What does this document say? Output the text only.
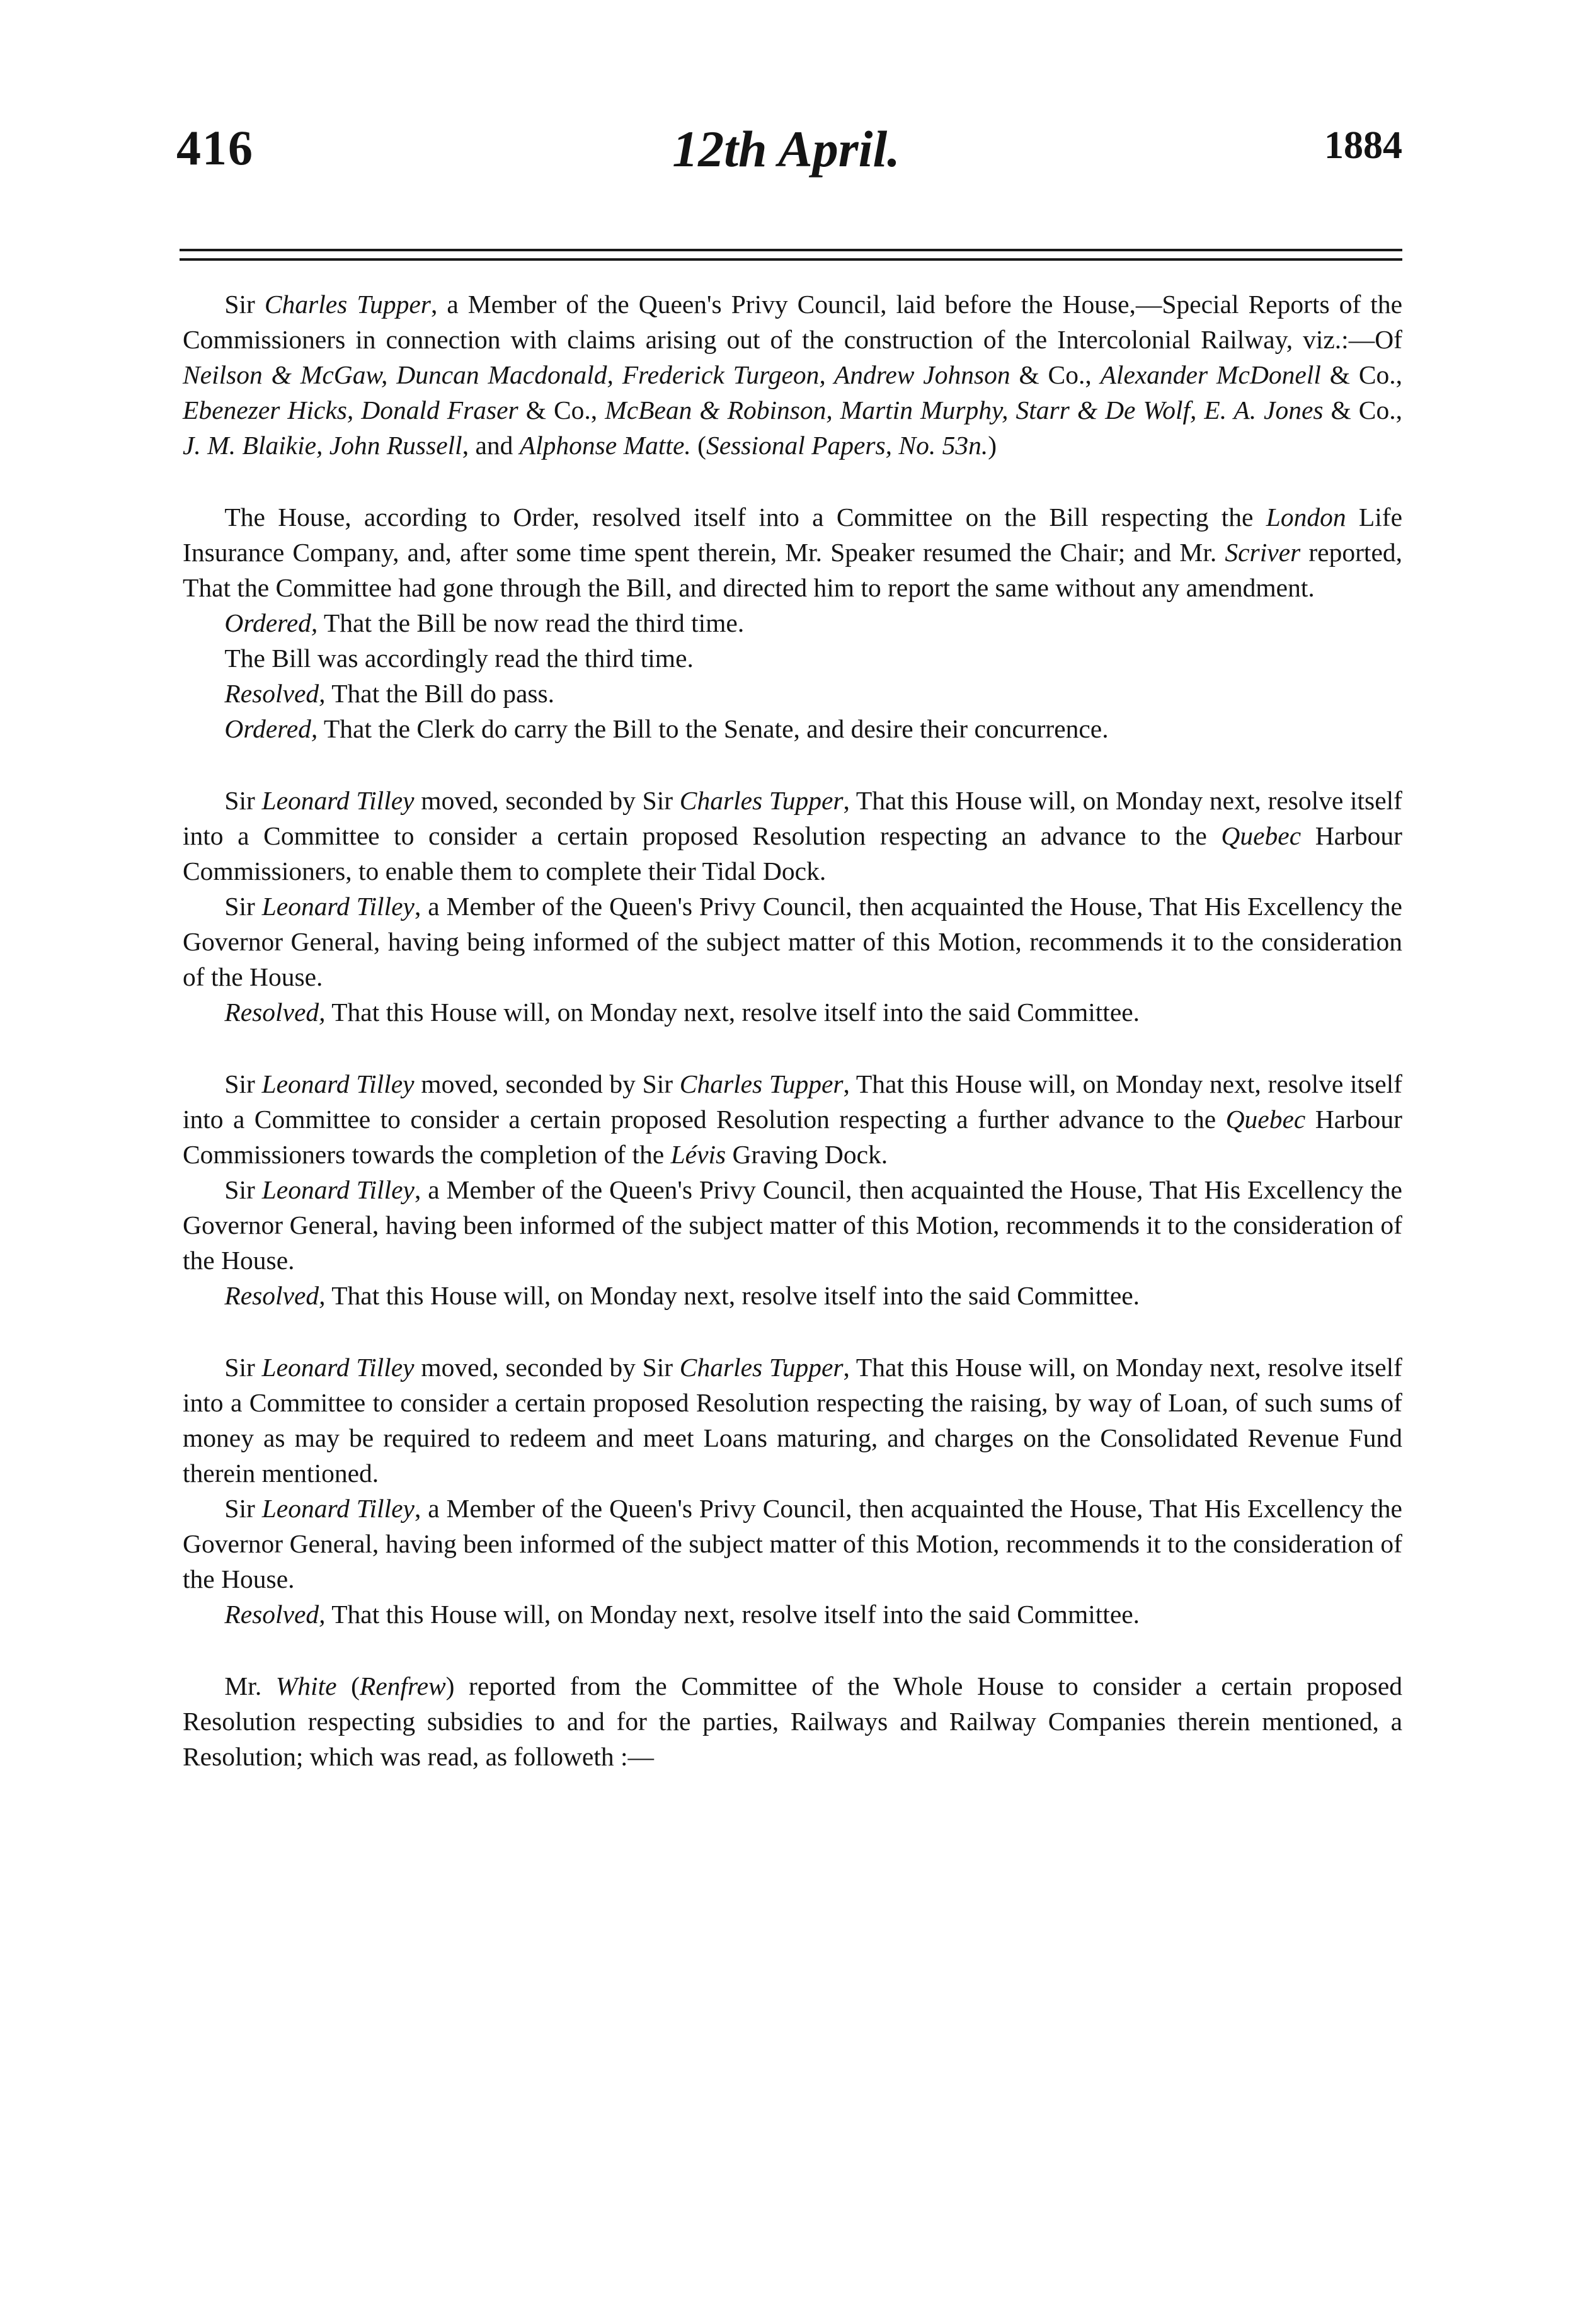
416	12th April.	1884

Sir Charles Tupper, a Member of the Queen's Privy Council, laid before the House,—Special Reports of the Commissioners in connection with claims arising out of the construction of the Intercolonial Railway, viz.:—Of Neilson & McGaw, Duncan Macdonald, Frederick Turgeon, Andrew Johnson & Co., Alexander McDonell & Co., Ebenezer Hicks, Donald Fraser & Co., McBean & Robinson, Martin Murphy, Starr & De Wolf, E. A. Jones & Co., J. M. Blaikie, John Russell, and Alphonse Matte. (Sessional Papers, No. 53n.)

The House, according to Order, resolved itself into a Committee on the Bill respecting the London Life Insurance Company, and, after some time spent therein, Mr. Speaker resumed the Chair; and Mr. Scriver reported, That the Committee had gone through the Bill, and directed him to report the same without any amendment.

Ordered, That the Bill be now read the third time.

The Bill was accordingly read the third time.

Resolved, That the Bill do pass.

Ordered, That the Clerk do carry the Bill to the Senate, and desire their concurrence.

Sir Leonard Tilley moved, seconded by Sir Charles Tupper, That this House will, on Monday next, resolve itself into a Committee to consider a certain proposed Resolution respecting an advance to the Quebec Harbour Commissioners, to enable them to complete their Tidal Dock.

Sir Leonard Tilley, a Member of the Queen's Privy Council, then acquainted the House, That His Excellency the Governor General, having being informed of the subject matter of this Motion, recommends it to the consideration of the House.

Resolved, That this House will, on Monday next, resolve itself into the said Committee.

Sir Leonard Tilley moved, seconded by Sir Charles Tupper, That this House will, on Monday next, resolve itself into a Committee to consider a certain proposed Resolution respecting a further advance to the Quebec Harbour Commissioners towards the completion of the Lévis Graving Dock.

Sir Leonard Tilley, a Member of the Queen's Privy Council, then acquainted the House, That His Excellency the Governor General, having been informed of the subject matter of this Motion, recommends it to the consideration of the House.

Resolved, That this House will, on Monday next, resolve itself into the said Committee.

Sir Leonard Tilley moved, seconded by Sir Charles Tupper, That this House will, on Monday next, resolve itself into a Committee to consider a certain proposed Resolution respecting the raising, by way of Loan, of such sums of money as may be required to redeem and meet Loans maturing, and charges on the Consolidated Revenue Fund therein mentioned.

Sir Leonard Tilley, a Member of the Queen's Privy Council, then acquainted the House, That His Excellency the Governor General, having been informed of the subject matter of this Motion, recommends it to the consideration of the House.

Resolved, That this House will, on Monday next, resolve itself into the said Committee.

Mr. White (Renfrew) reported from the Committee of the Whole House to consider a certain proposed Resolution respecting subsidies to and for the parties, Railways and Railway Companies therein mentioned, a Resolution; which was read, as followeth :—
